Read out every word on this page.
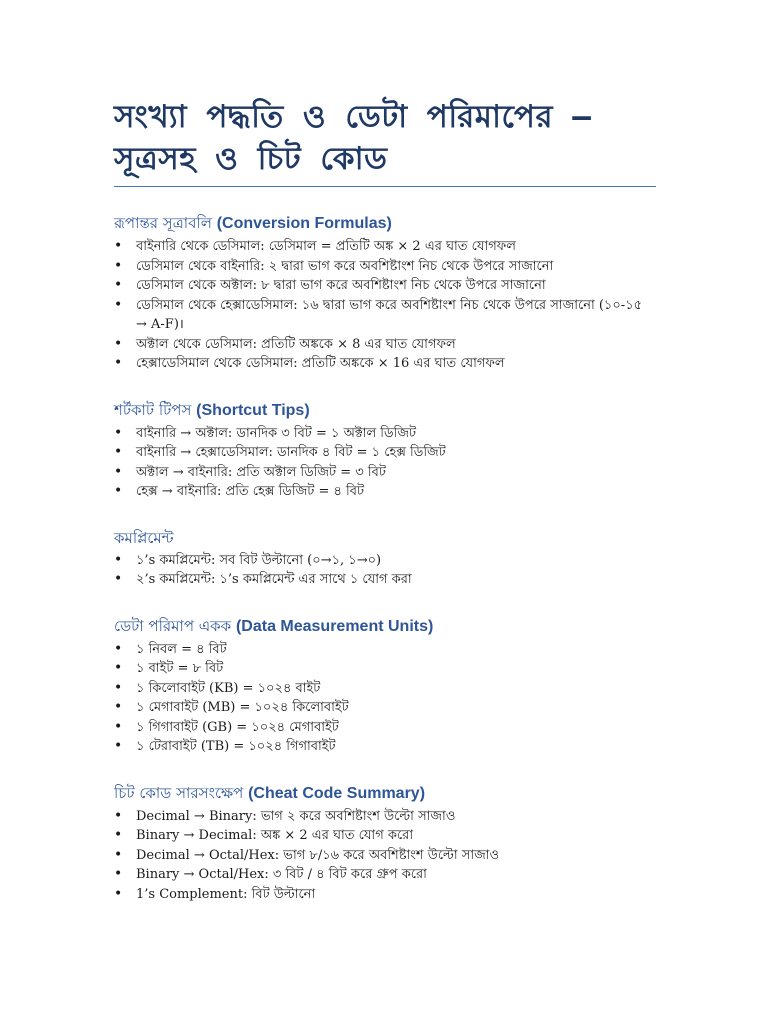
সংখ্যা পদ্ধতি ও ডেটা পরিমাপের — সূত্রসহ ও চিট কোড
রূপান্তর সূত্রাবলি (Conversion Formulas)
• বাইনারি থেকে ডেসিমাল: ডেসিমাল = প্রতিটি অঙ্ক × 2 এর ঘাত যোগফল
• ডেসিমাল থেকে বাইনারি: ২ দ্বারা ভাগ করে অবশিষ্টাংশ নিচ থেকে উপরে সাজানো
• ডেসিমাল থেকে অক্টাল: ৮ দ্বারা ভাগ করে অবশিষ্টাংশ নিচ থেকে উপরে সাজানো
• ডেসিমাল থেকে হেক্সাডেসিমাল: ১৬ দ্বারা ভাগ করে অবশিষ্টাংশ নিচ থেকে উপরে সাজানো (১০-১৫ → A-F)।
• অক্টাল থেকে ডেসিমাল: প্রতিটি অঙ্ককে × 8 এর ঘাত যোগফল
• হেক্সাডেসিমাল থেকে ডেসিমাল: প্রতিটি অঙ্ককে × 16 এর ঘাত যোগফল
শর্টকাট টিপস (Shortcut Tips)
• বাইনারি → অক্টাল: ডানদিক ৩ বিট = ১ অক্টাল ডিজিট
• বাইনারি → হেক্সাডেসিমাল: ডানদিক ৪ বিট = ১ হেক্স ডিজিট
• অক্টাল → বাইনারি: প্রতি অক্টাল ডিজিট = ৩ বিট
• হেক্স → বাইনারি: প্রতি হেক্স ডিজিট = ৪ বিট
কমপ্লিমেন্ট
• ১’s কমপ্লিমেন্ট: সব বিট উল্টানো (০→১, ১→০)
• ২’s কমপ্লিমেন্ট: ১’s কমপ্লিমেন্ট এর সাথে ১ যোগ করা
ডেটা পরিমাপ একক (Data Measurement Units)
• ১ নিবল = ৪ বিট
• ১ বাইট = ৮ বিট
• ১ কিলোবাইট (KB) = ১০২৪ বাইট
• ১ মেগাবাইট (MB) = ১০২৪ কিলোবাইট
• ১ গিগাবাইট (GB) = ১০২৪ মেগাবাইট
• ১ টেরাবাইট (TB) = ১০২৪ গিগাবাইট
চিট কোড সারসংক্ষেপ (Cheat Code Summary)
• Decimal → Binary: ভাগ ২ করে অবশিষ্টাংশ উল্টো সাজাও
• Binary → Decimal: অঙ্ক × 2 এর ঘাত যোগ করো
• Decimal → Octal/Hex: ভাগ ৮/১৬ করে অবশিষ্টাংশ উল্টো সাজাও
• Binary → Octal/Hex: ৩ বিট / ৪ বিট করে গ্রুপ করো
• 1’s Complement: বিট উল্টানো
